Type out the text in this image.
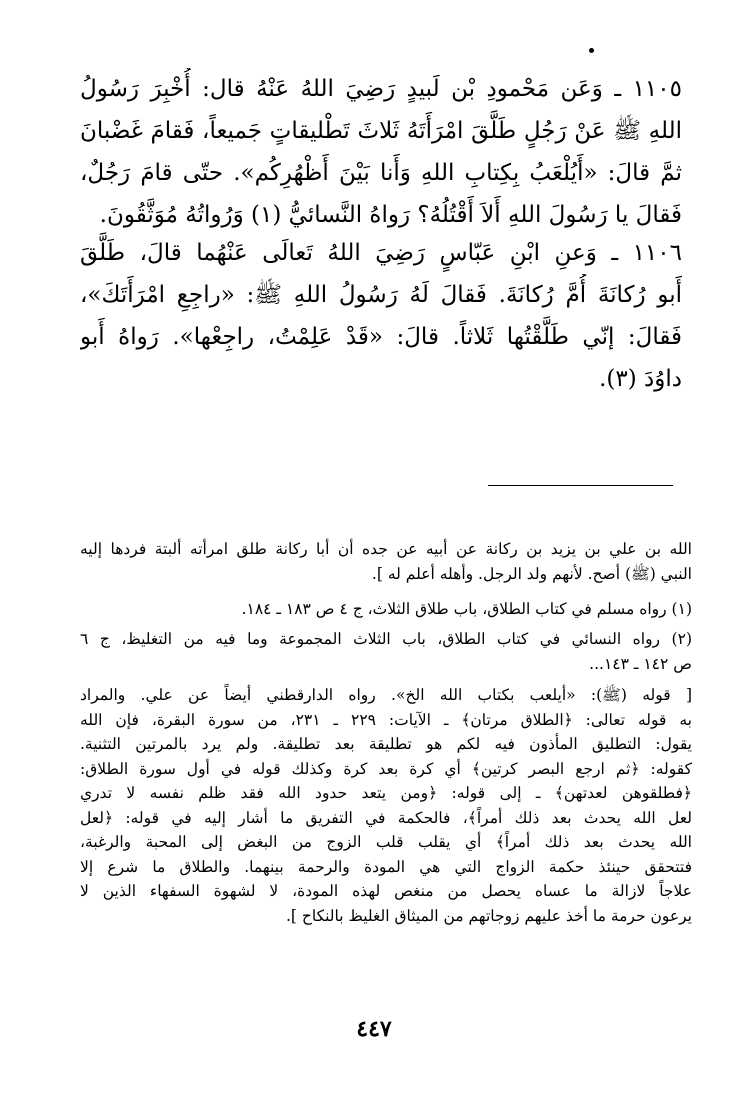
١١٠٥ ـ وَعَن مَحْمودِ بْن لَبيدٍ رَضِيَ اللهُ عَنْهُ قال: أُخْبِرَ رَسُولُ
اللهِ ﷺ عَنْ رَجُلٍ طَلَّقَ امْرَأَتَهُ ثَلاثَ تَطْليقاتٍ جَميعاً، فَقامَ غَضْبانَ
ثمَّ قالَ: «أَيُلْعَبُ بِكِتابِ اللهِ وَأَنا بَيْنَ أَظْهُرِكُم». حتّى قامَ رَجُلٌ،
فَقالَ يا رَسُولَ اللهِ أَلاَ أَقْتُلُهُ؟ رَواهُ النَّسائيُّ (١) وَرُواتُهُ مُوَثَّقُونَ.
١١٠٦ ـ وَعنِ ابْنِ عَبّاسٍ رَضِيَ اللهُ تَعالَى عَنْهُما قالَ، طَلَّقَ
أَبو رُكانَةَ أُمَّ رُكانَةَ. فَقالَ لَهُ رَسُولُ اللهِ ﷺ: «راجِعِ امْرَأَتَكَ»،
فَقالَ: إنّي طَلَّقْتُها ثَلاثاً. قالَ: «قَدْ عَلِمْتُ، راجِعْها». رَواهُ أَبو
داوُدَ (٣).
الله بن علي بن يزيد بن ركانة عن أبيه عن جده أن أبا ركانة طلق امرأته ألبتة فردها إليه
النبي (ﷺ) أصح. لأنهم ولد الرجل. وأهله أعلم له ].
(١) رواه مسلم في كتاب الطلاق، باب طلاق الثلاث، ج ٤ ص ١٨٣ ـ ١٨٤.
(٢) رواه النسائي في كتاب الطلاق، باب الثلاث المجموعة وما فيه من التغليظ، ج ٦
ص ١٤٢ ـ ١٤٣...
[ قوله (ﷺ): «أيلعب بكتاب الله الخ». رواه الدارقطني أيضاً عن علي. والمراد
به قوله تعالى: ﴿الطلاق مرتان﴾ ـ الآيات: ٢٢٩ ـ ٢٣١، من سورة البقرة، فإن الله
يقول: التطليق المأذون فيه لكم هو تطليقة بعد تطليقة. ولم يرد بالمرتين التثنية.
كقوله: ﴿ثم ارجع البصر كرتين﴾ أي كرة بعد كرة وكذلك قوله في أول سورة الطلاق:
﴿فطلقوهن لعدتهن﴾ ـ إلى قوله: ﴿ومن يتعد حدود الله فقد ظلم نفسه لا تدري
لعل الله يحدث بعد ذلك أمراً﴾، فالحكمة في التفريق ما أشار إليه في قوله: ﴿لعل
الله يحدث بعد ذلك أمراً﴾ أي يقلب قلب الزوج من البغض إلى المحبة والرغبة،
فتتحقق حينئذ حكمة الزواج التي هي المودة والرحمة بينهما. والطلاق ما شرع إلا
علاجاً لازالة ما عساه يحصل من منغص لهذه المودة، لا لشهوة السفهاء الذين لا
يرعون حرمة ما أخذ عليهم زوجاتهم من الميثاق الغليظ بالنكاح ].
٤٤٧
